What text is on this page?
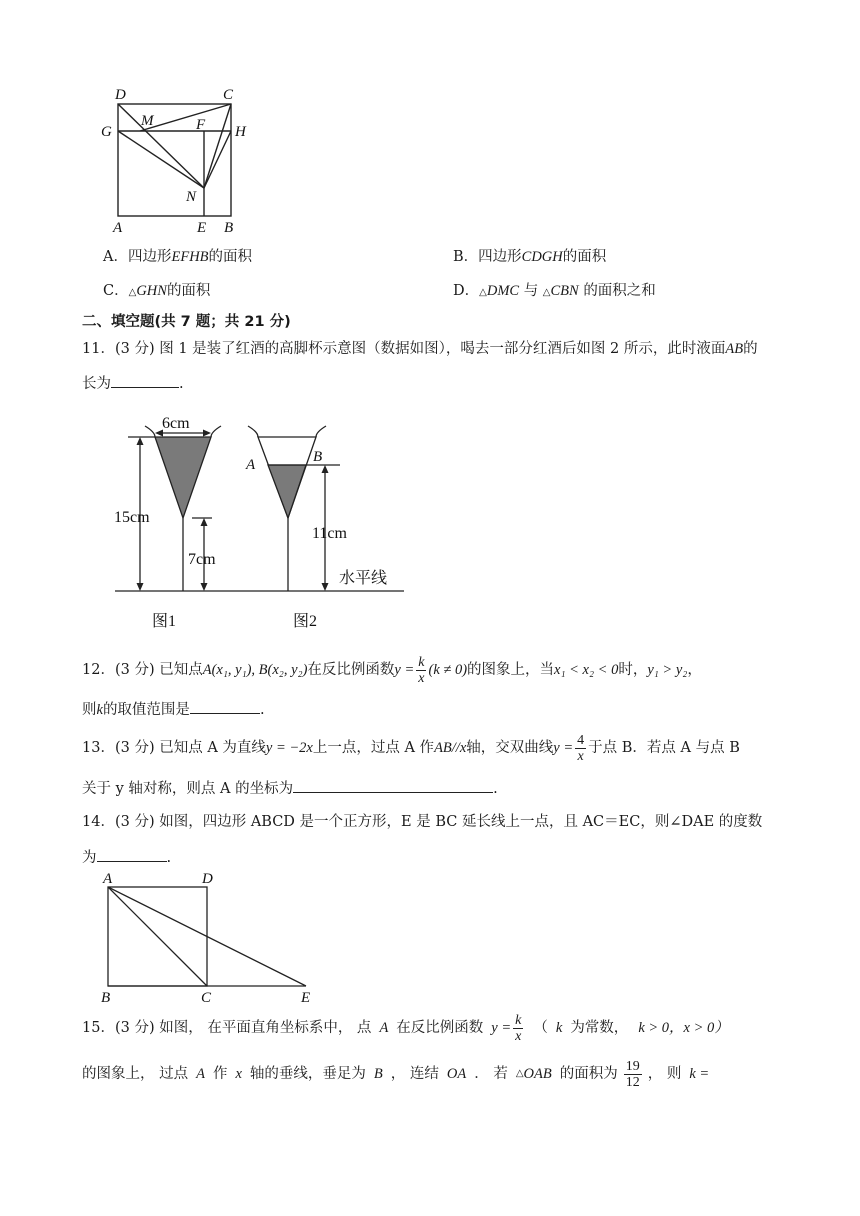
D	C
G
M	F H
N
A	E B
A．四边形EFHB的面积	B．四边形CDGH的面积
C．△GHN的面积	D．△DMC 与 △CBN 的面积之和
二、填空题(共 7 题；共 21 分)
11．(3 分) 图 1 是装了红酒的高脚杯示意图（数据如图），喝去一部分红酒后如图 2 所示，此时液面AB的
长为	.
6cm
15cm
7cm
A	B
11cm
水平线
图1	图2
12．(3 分) 已知点 A(x₁, y₁), B(x₂, y₂) 在反比例函数 $y = \frac{k}{x} (k \ne 0)$ 的图象上，当 x₁ < x₂ < 0 时， y₁ > y₂ ，
则k的取值范围是	.
13．(3 分) 已知点 A 为直线 y = −2x 上一点，过点 A 作 AB//x 轴，交双曲线 $y = \frac{4}{x}$ 于点 B．若点 A 与点 B
关于 y 轴对称，则点 A 的坐标为	.
14．(3 分) 如图，四边形 ABCD 是一个正方形，E 是 BC 延长线上一点，且 AC＝EC，则∠DAE 的度数
为	.
A	D
B	C	E
15．(3 分) 如图， 在平面直角坐标系中， 点 A 在反比例函数 $y = \frac{k}{x}$ （ k 为常数， k > 0，x > 0）
的图象上， 过点 A 作 x 轴的垂线，垂足为 B ， 连结 OA ． 若 △ OAB 的面积为 $\frac{19}{12}$ ， 则 k =
